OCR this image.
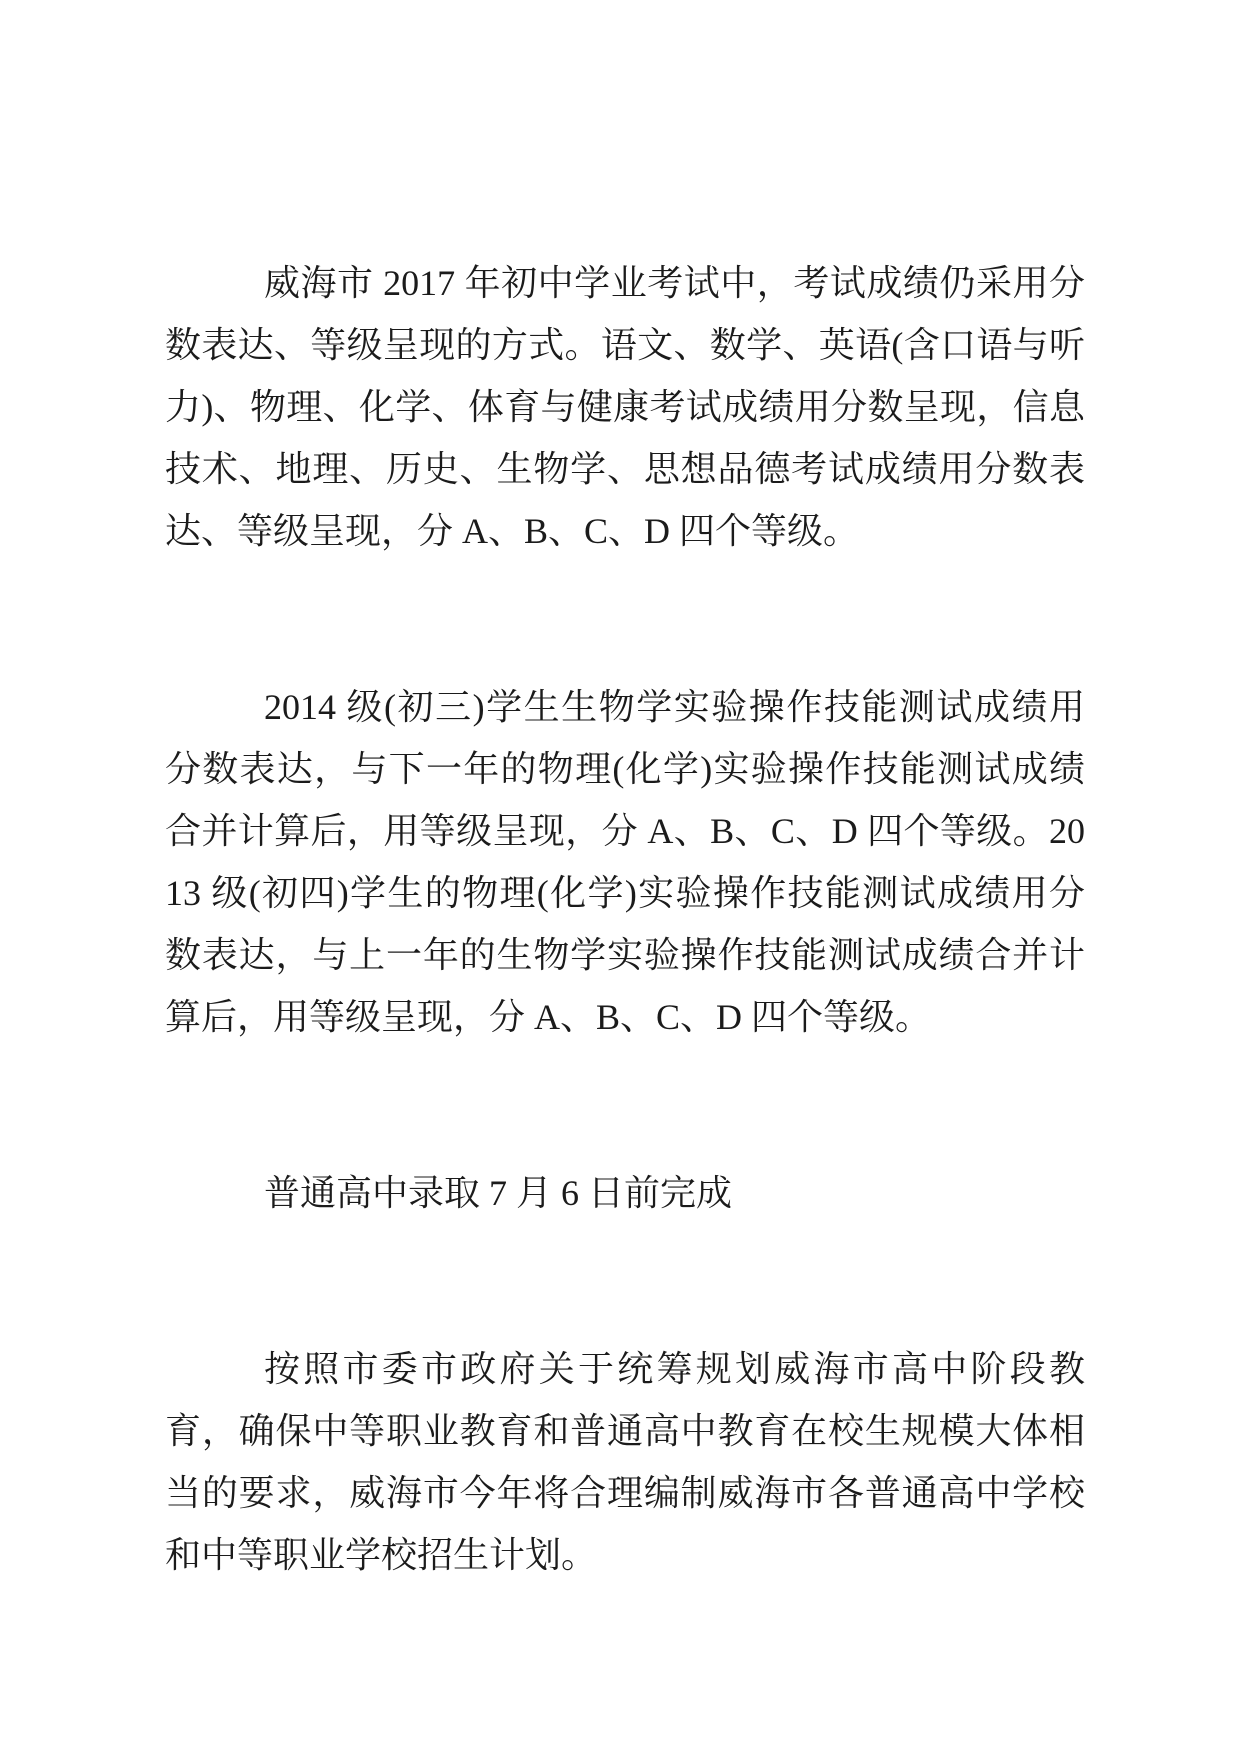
威海市 2017 年初中学业考试中，考试成绩仍采用分数表达、等级呈现的方式。语文、数学、英语(含口语与听力)、物理、化学、体育与健康考试成绩用分数呈现，信息技术、地理、历史、生物学、思想品德考试成绩用分数表达、等级呈现，分 A、B、C、D 四个等级。

2014 级(初三)学生生物学实验操作技能测试成绩用分数表达，与下一年的物理(化学)实验操作技能测试成绩合并计算后，用等级呈现，分 A、B、C、D 四个等级。2013 级(初四)学生的物理(化学)实验操作技能测试成绩用分数表达，与上一年的生物学实验操作技能测试成绩合并计算后，用等级呈现，分 A、B、C、D 四个等级。

普通高中录取 7 月 6 日前完成

按照市委市政府关于统筹规划威海市高中阶段教育，确保中等职业教育和普通高中教育在校生规模大体相当的要求，威海市今年将合理编制威海市各普通高中学校和中等职业学校招生计划。
